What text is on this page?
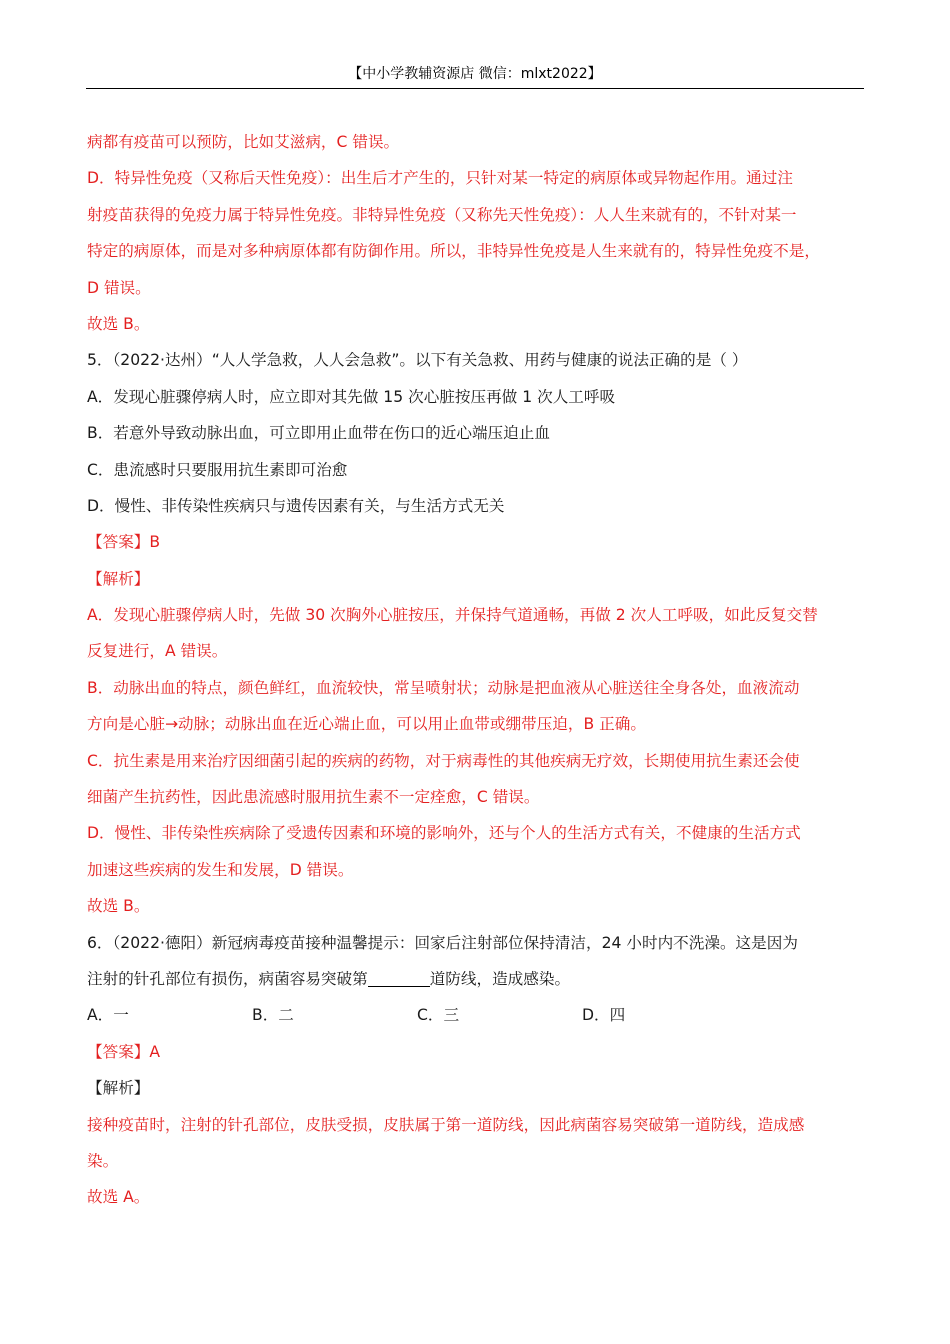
【中小学教辅资源店 微信：mlxt2022】
病都有疫苗可以预防，比如艾滋病，C 错误。
D．特异性免疫（又称后天性免疫）：出生后才产生的，只针对某一特定的病原体或异物起作用。通过注
射疫苗获得的免疫力属于特异性免疫。非特异性免疫（又称先天性免疫）：人人生来就有的，不针对某一
特定的病原体，而是对多种病原体都有防御作用。所以，非特异性免疫是人生来就有的，特异性免疫不是，
D 错误。
故选 B。
5．（2022·达州）“人人学急救，人人会急救”。以下有关急救、用药与健康的说法正确的是（ ）
A．发现心脏骤停病人时，应立即对其先做 15 次心脏按压再做 1 次人工呼吸
B．若意外导致动脉出血，可立即用止血带在伤口的近心端压迫止血
C．患流感时只要服用抗生素即可治愈
D．慢性、非传染性疾病只与遗传因素有关，与生活方式无关
【答案】B
【解析】
A．发现心脏骤停病人时，先做 30 次胸外心脏按压，并保持气道通畅，再做 2 次人工呼吸，如此反复交替
反复进行，A 错误。
B．动脉出血的特点，颜色鲜红，血流较快，常呈喷射状；动脉是把血液从心脏送往全身各处，血液流动
方向是心脏→动脉；动脉出血在近心端止血，可以用止血带或绷带压迫，B 正确。
C．抗生素是用来治疗因细菌引起的疾病的药物，对于病毒性的其他疾病无疗效，长期使用抗生素还会使
细菌产生抗药性，因此患流感时服用抗生素不一定痊愈，C 错误。
D．慢性、非传染性疾病除了受遗传因素和环境的影响外，还与个人的生活方式有关，不健康的生活方式
加速这些疾病的发生和发展，D 错误。
故选 B。
6．（2022·德阳）新冠病毒疫苗接种温馨提示：回家后注射部位保持清洁，24 小时内不洗澡。这是因为
注射的针孔部位有损伤，病菌容易突破第	道防线，造成感染。
A．一	B．二	C．三	D．四
【答案】A
【解析】
接种疫苗时，注射的针孔部位，皮肤受损，皮肤属于第一道防线，因此病菌容易突破第一道防线，造成感
染。
故选 A。
